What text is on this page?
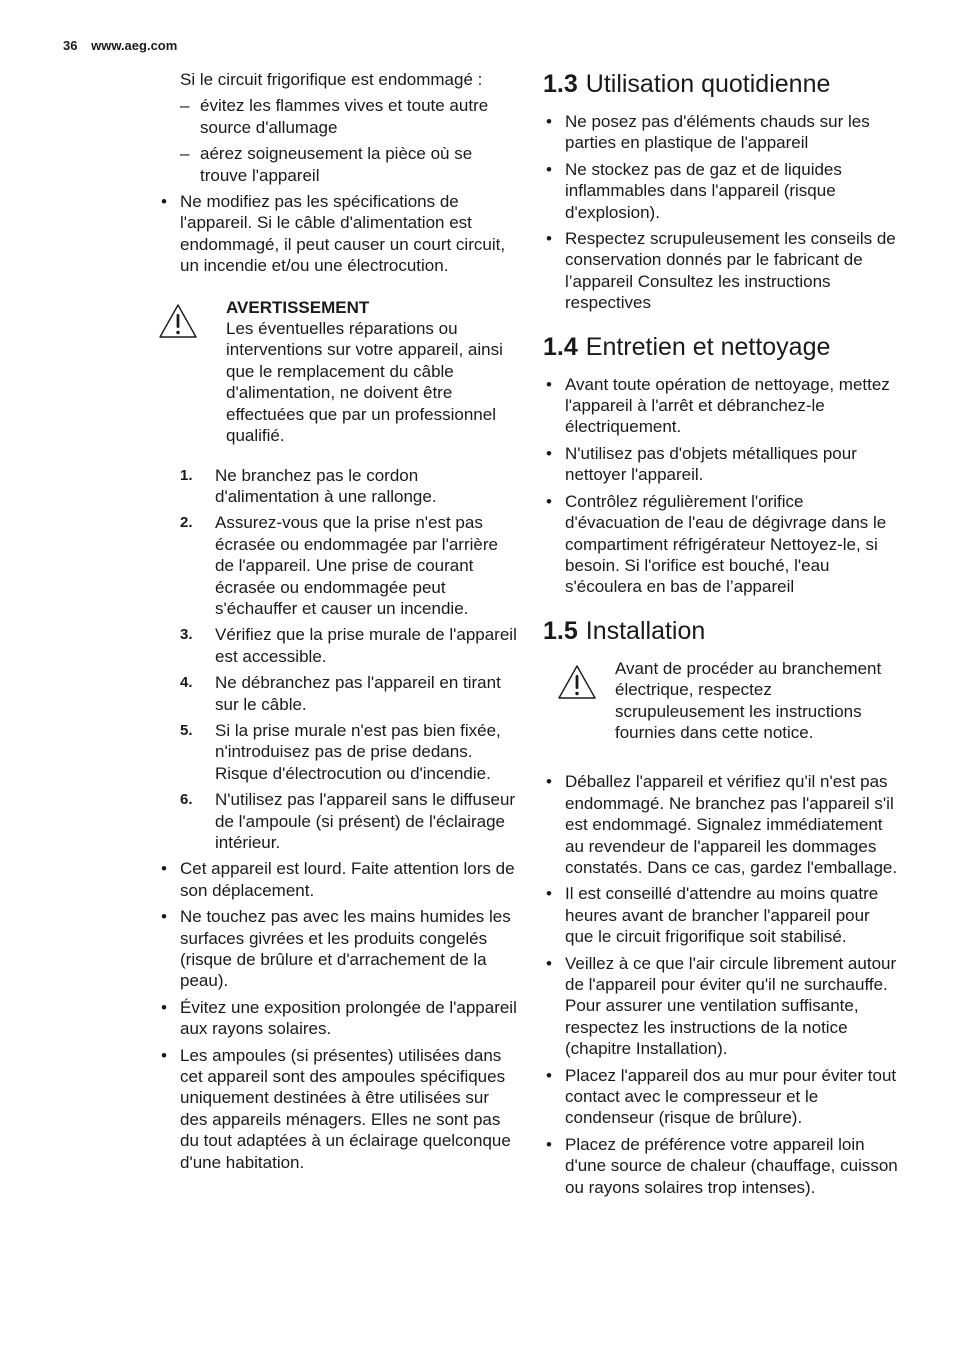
36 www.aeg.com

Si le circuit frigorifique est endommagé :

– évitez les flammes vives et toute autre source d'allumage
– aérez soigneusement la pièce où se trouve l'appareil
• Ne modifiez pas les spécifications de l'appareil. Si le câble d'alimentation est endommagé, il peut causer un court circuit, un incendie et/ou une électrocution.
AVERTISSEMENT
Les éventuelles réparations ou interventions sur votre appareil, ainsi que le remplacement du câble d'alimentation, ne doivent être effectuées que par un professionnel qualifié.
1.	Ne branchez pas le cordon d'alimentation à une rallonge.
2.	Assurez-vous que la prise n'est pas écrasée ou endommagée par l'arrière de l'appareil. Une prise de courant écrasée ou endommagée peut s'échauffer et causer un incendie.
3.	Vérifiez que la prise murale de l'appareil est accessible.
4.	Ne débranchez pas l'appareil en tirant sur le câble.
5.	Si la prise murale n'est pas bien fixée, n'introduisez pas de prise dedans. Risque d'électrocution ou d'incendie.
6.	N'utilisez pas l'appareil sans le diffuseur de l'ampoule (si présent) de l'éclairage intérieur.
• Cet appareil est lourd. Faite attention lors de son déplacement.
• Ne touchez pas avec les mains humides les surfaces givrées et les produits congelés (risque de brûlure et d'arrachement de la peau).
• Évitez une exposition prolongée de l'appareil aux rayons solaires.
• Les ampoules (si présentes) utilisées dans cet appareil sont des ampoules spécifiques uniquement destinées à être utilisées sur des appareils ménagers. Elles ne sont pas du tout adaptées à un éclairage quelconque d'une habitation.
1.3 Utilisation quotidienne
• Ne posez pas d'éléments chauds sur les parties en plastique de l'appareil
• Ne stockez pas de gaz et de liquides inflammables dans l'appareil (risque d'explosion).
• Respectez scrupuleusement les conseils de conservation donnés par le fabricant de l’appareil Consultez les instructions respectives
1.4 Entretien et nettoyage
• Avant toute opération de nettoyage, mettez l'appareil à l'arrêt et débranchez-le électriquement.
• N'utilisez pas d'objets métalliques pour nettoyer l'appareil.
• Contrôlez régulièrement l'orifice d'évacuation de l'eau de dégivrage dans le compartiment réfrigérateur Nettoyez-le, si besoin. Si l'orifice est bouché, l'eau s'écoulera en bas de l’appareil
1.5 Installation
Avant de procéder au branchement électrique, respectez scrupuleusement les instructions fournies dans cette notice.
• Déballez l'appareil et vérifiez qu'il n'est pas endommagé. Ne branchez pas l'appareil s'il est endommagé. Signalez immédiatement au revendeur de l'appareil les dommages constatés. Dans ce cas, gardez l'emballage.
• Il est conseillé d'attendre au moins quatre heures avant de brancher l'appareil pour que le circuit frigorifique soit stabilisé.
• Veillez à ce que l'air circule librement autour de l'appareil pour éviter qu'il ne surchauffe. Pour assurer une ventilation suffisante, respectez les instructions de la notice (chapitre Installation).
• Placez l'appareil dos au mur pour éviter tout contact avec le compresseur et le condenseur (risque de brûlure).
• Placez de préférence votre appareil loin d'une source de chaleur (chauffage, cuisson ou rayons solaires trop intenses).
